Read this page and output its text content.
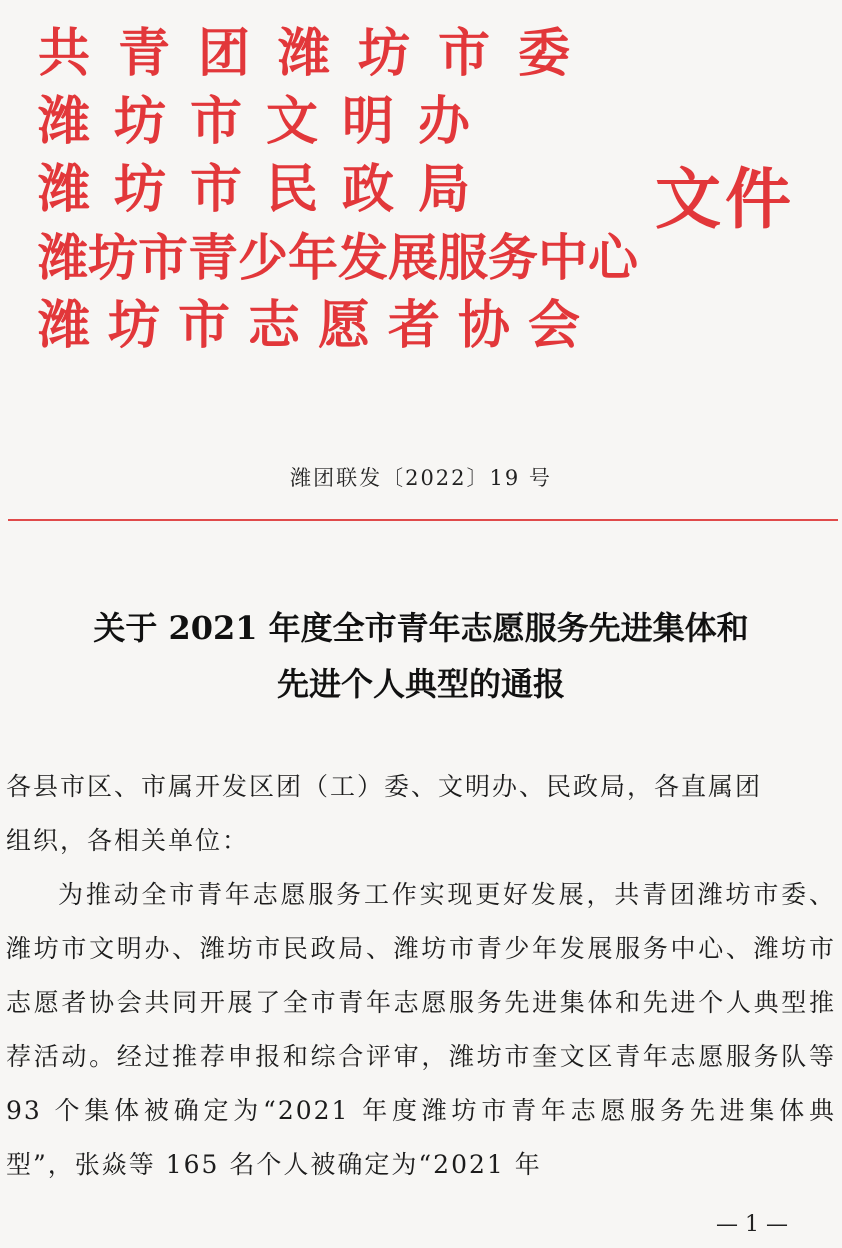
共青团潍坊市委
潍坊市文明办
潍坊市民政局
潍坊市青少年发展服务中心
潍坊市志愿者协会
文件
潍团联发〔2022〕19 号
关于 2021 年度全市青年志愿服务先进集体和
先进个人典型的通报

各县市区、市属开发区团（工）委、文明办、民政局，各直属团

组织，各相关单位：

为推动全市青年志愿服务工作实现更好发展，共青团潍坊市委、潍坊市文明办、潍坊市民政局、潍坊市青少年发展服务中心、潍坊市志愿者协会共同开展了全市青年志愿服务先进集体和先进个人典型推荐活动。经过推荐申报和综合评审，潍坊市奎文区青年志愿服务队等 93 个集体被确定为“2021 年度潍坊市青年志愿服务先进集体典型”，张焱等 165 名个人被确定为“2021 年

— 1 —
